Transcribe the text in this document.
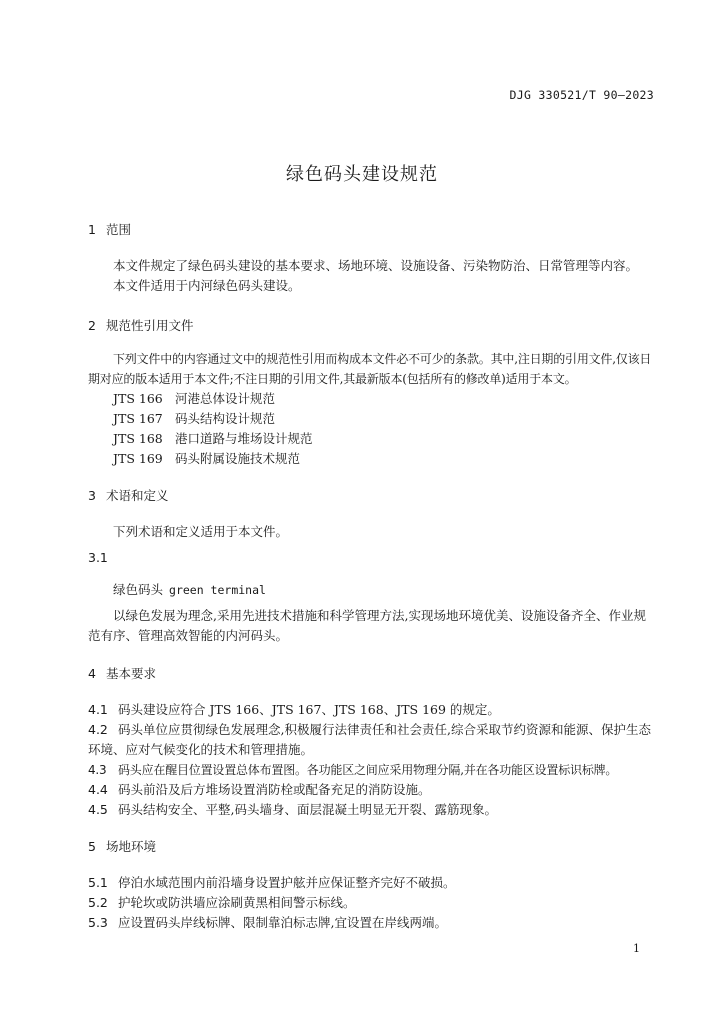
DJG 330521/T 90—2023
绿色码头建设规范
1 范围
本文件规定了绿色码头建设的基本要求、场地环境、设施设备、污染物防治、日常管理等内容。
本文件适用于内河绿色码头建设。
2 规范性引用文件
下列文件中的内容通过文中的规范性引用而构成本文件必不可少的条款。其中,注日期的引用文件,仅该日期对应的版本适用于本文件;不注日期的引用文件,其最新版本(包括所有的修改单)适用于本文。
JTS 166 河港总体设计规范
JTS 167 码头结构设计规范
JTS 168 港口道路与堆场设计规范
JTS 169 码头附属设施技术规范
3 术语和定义
下列术语和定义适用于本文件。
3.1
绿色码头 green terminal
以绿色发展为理念,采用先进技术措施和科学管理方法,实现场地环境优美、设施设备齐全、作业规范有序、管理高效智能的内河码头。
4 基本要求
4.1 码头建设应符合 JTS 166、JTS 167、JTS 168、JTS 169 的规定。
4.2 码头单位应贯彻绿色发展理念,积极履行法律责任和社会责任,综合采取节约资源和能源、保护生态环境、应对气候变化的技术和管理措施。
4.3 码头应在醒目位置设置总体布置图。各功能区之间应采用物理分隔,并在各功能区设置标识标牌。
4.4 码头前沿及后方堆场设置消防栓或配备充足的消防设施。
4.5 码头结构安全、平整,码头墙身、面层混凝土明显无开裂、露筋现象。
5 场地环境
5.1 停泊水域范围内前沿墙身设置护舷并应保证整齐完好不破损。
5.2 护轮坎或防洪墙应涂刷黄黑相间警示标线。
5.3 应设置码头岸线标牌、限制靠泊标志牌,宜设置在岸线两端。
1
